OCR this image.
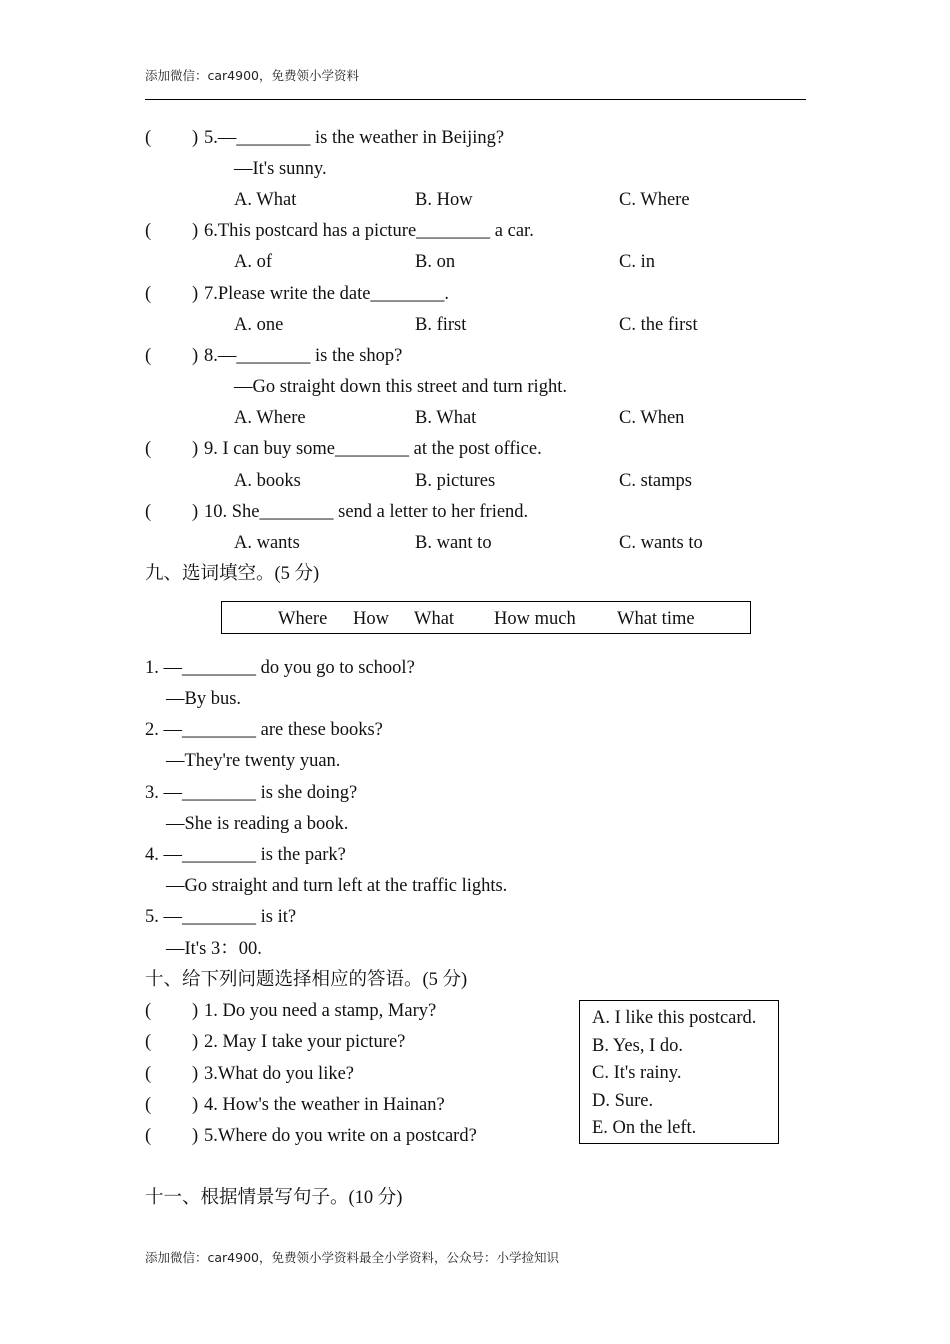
添加微信：car4900，免费领小学资料
( ) 5.—________ is the weather in Beijing?
—It's sunny.
A. What	B. How	C. Where
( ) 6.This postcard has a picture________ a car.
A. of	B. on	C. in
( ) 7.Please write the date________.
A. one	B. first	C. the first
( ) 8.—________ is the shop?
—Go straight down this street and turn right.
A. Where	B. What	C. When
( ) 9. I can buy some________ at the post office.
A. books	B. pictures	C. stamps
( ) 10. She________ send a letter to her friend.
A. wants	B. want to	C. wants to
九、选词填空。(5 分)
Where How What How much What time
1. —________ do you go to school?
—By bus.
2. —________ are these books?
—They're twenty yuan.
3. —________ is she doing?
—She is reading a book.
4. —________ is the park?
—Go straight and turn left at the traffic lights.
5. —________ is it?
—It's 3：00.
十、给下列问题选择相应的答语。(5 分)
( ) 1. Do you need a stamp, Mary?
( ) 2. May I take your picture?
( ) 3.What do you like?
( ) 4. How's the weather in Hainan?
( ) 5.Where do you write on a postcard?
A. I like this postcard.
B. Yes, I do.
C. It's rainy.
D. Sure.
E. On the left.
十一、根据情景写句子。(10 分)
添加微信：car4900，免费领小学资料最全小学资料，公众号：小学捡知识
